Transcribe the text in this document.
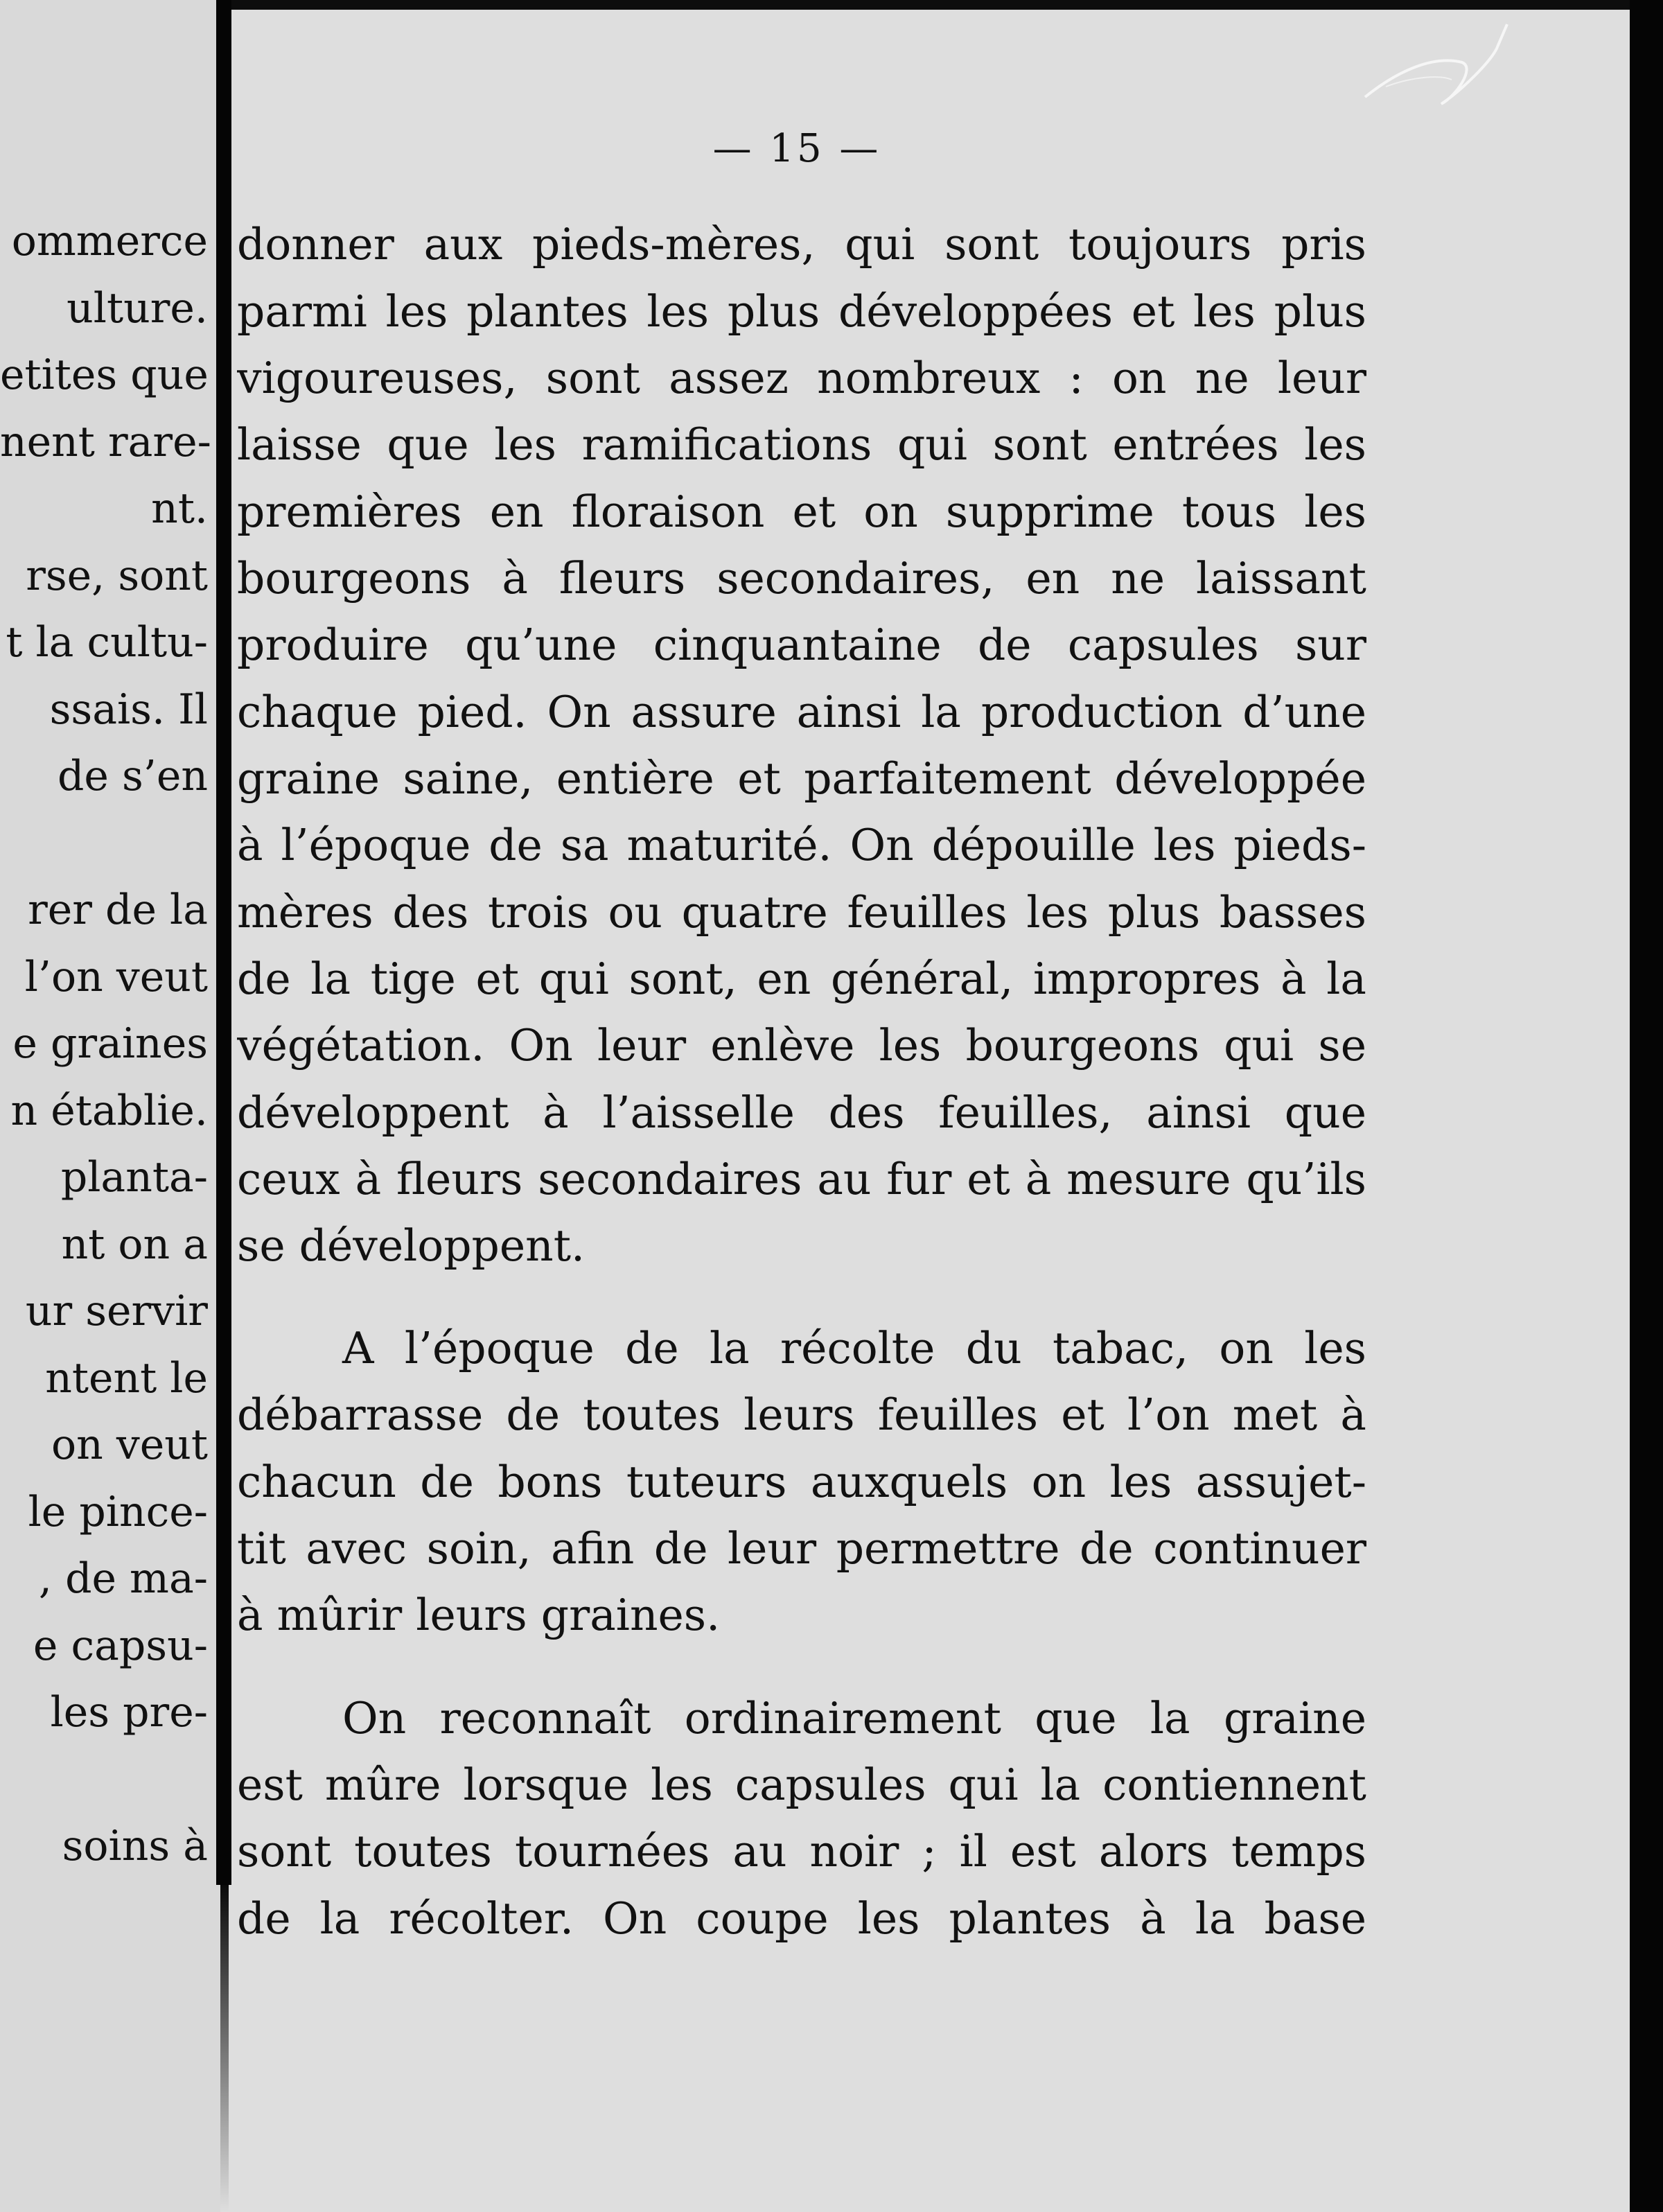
ommerce
ulture.
etites que
nent rare-
nt.
rse, sont
t la cultu-
ssais. Il
de s’en
rer de la
l’on veut
e graines
n établie.
planta-
nt on a
ur servir
ntent le
on veut
le pince-
, de ma-
e capsu-
les pre-
soins à
— 15 —
donner aux pieds-mères, qui sont toujours pris
parmi les plantes les plus développées et les plus
vigoureuses, sont assez nombreux : on ne leur
laisse que les ramifications qui sont entrées les
premières en floraison et on supprime tous les
bourgeons à fleurs secondaires, en ne laissant
produire qu’une cinquantaine de capsules sur
chaque pied. On assure ainsi la production d’une
graine saine, entière et parfaitement développée
à l’époque de sa maturité. On dépouille les pieds-
mères des trois ou quatre feuilles les plus basses
de la tige et qui sont, en général, impropres à la
végétation. On leur enlève les bourgeons qui se
développent à l’aisselle des feuilles, ainsi que
ceux à fleurs secondaires au fur et à mesure qu’ils
se développent.
A l’époque de la récolte du tabac, on les
débarrasse de toutes leurs feuilles et l’on met à
chacun de bons tuteurs auxquels on les assujet-
tit avec soin, afin de leur permettre de continuer
à mûrir leurs graines.
On reconnaît ordinairement que la graine
est mûre lorsque les capsules qui la contiennent
sont toutes tournées au noir ; il est alors temps
de la récolter. On coupe les plantes à la base
